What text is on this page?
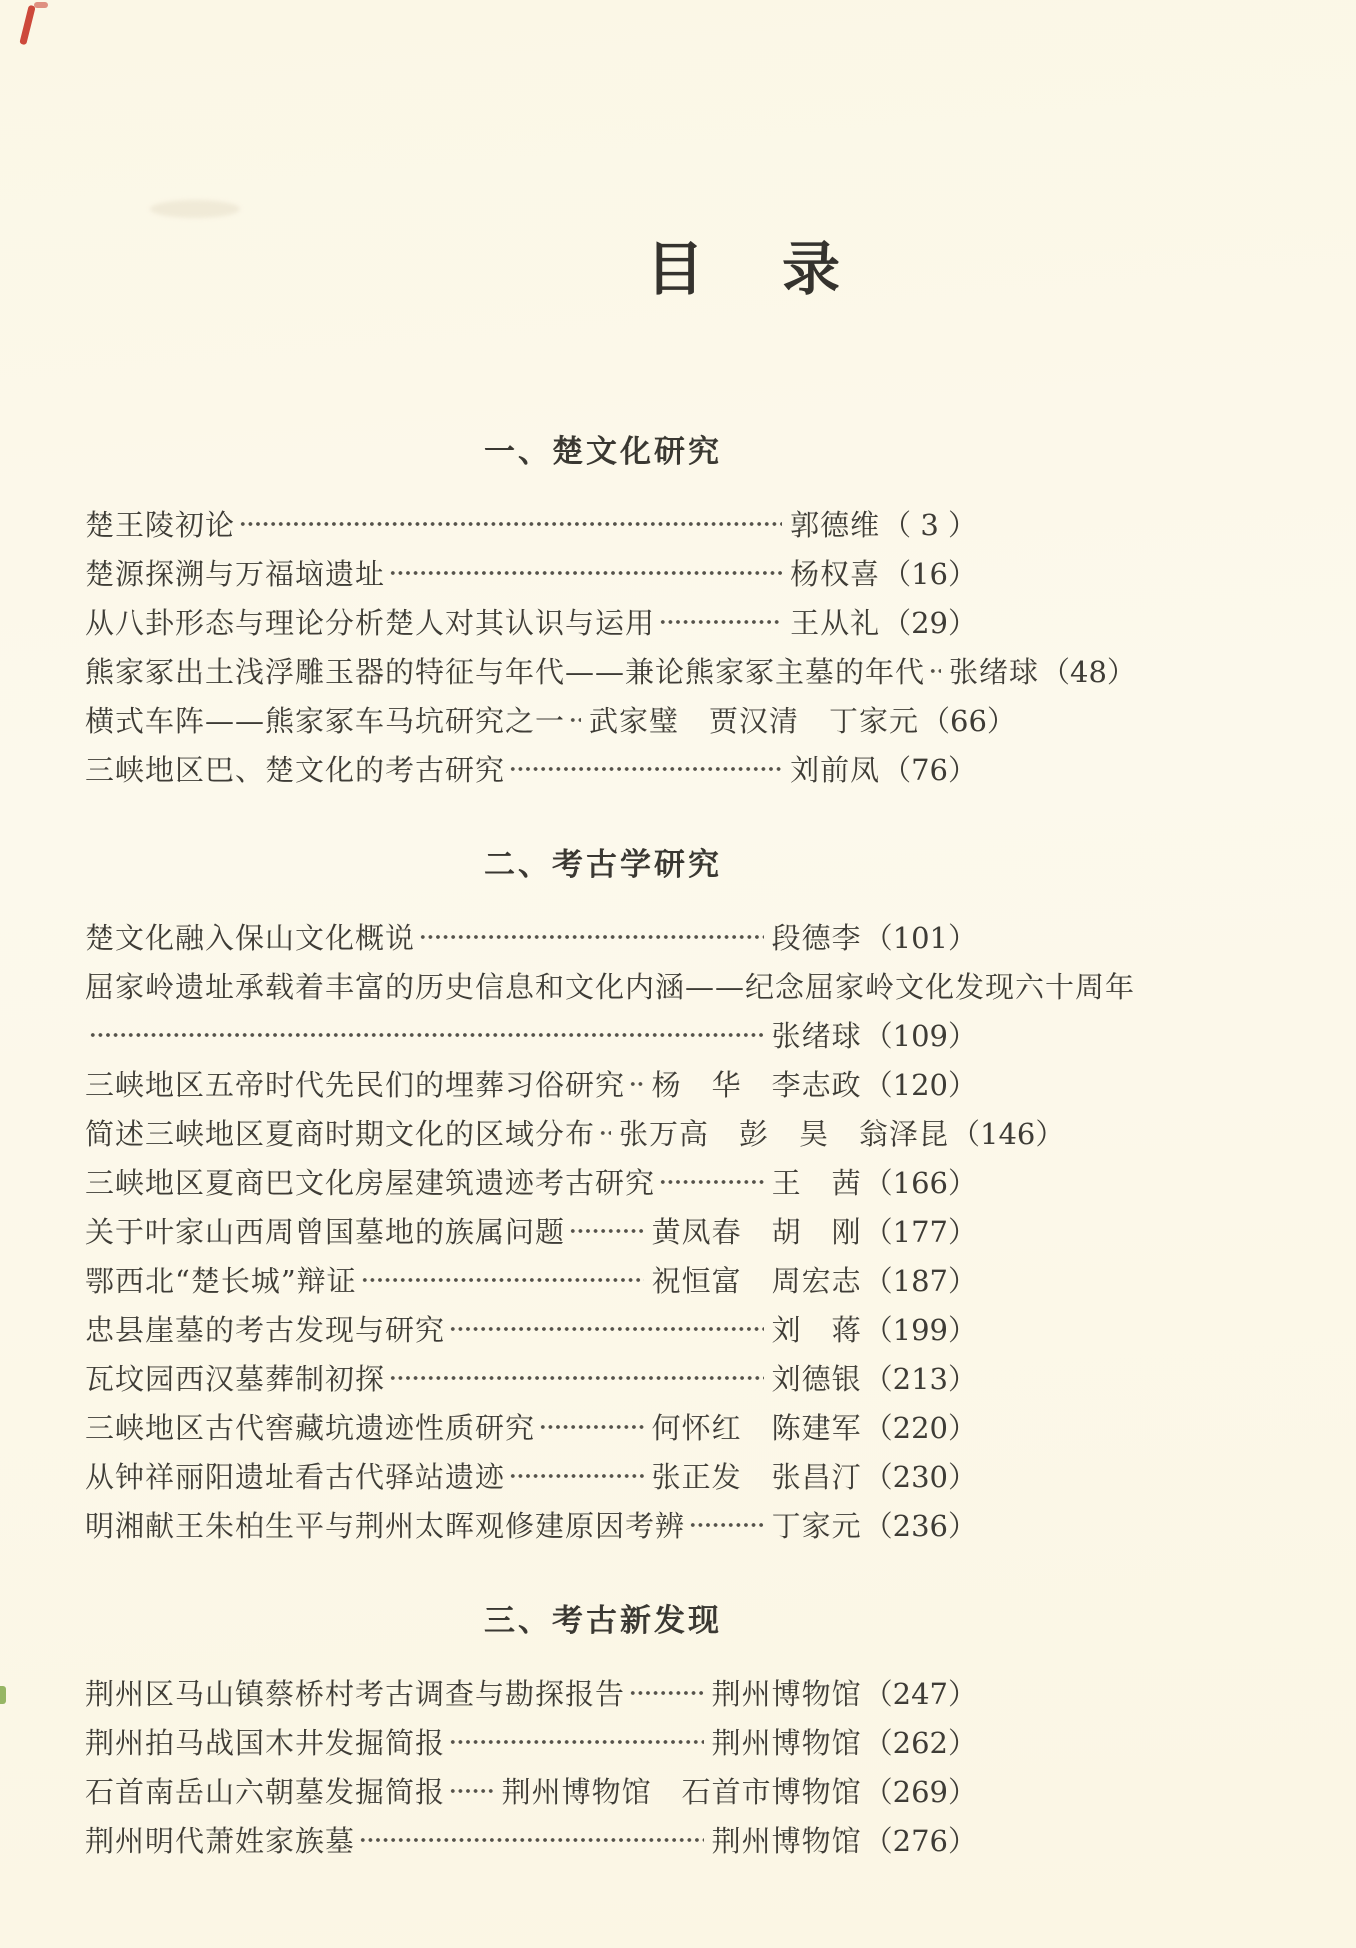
目　录
一、楚文化研究
楚王陵初论	郭德维 （ 3 ）
楚源探溯与万福垴遗址	杨权喜 （16）
从八卦形态与理论分析楚人对其认识与运用	王从礼 （29）
熊家冢出土浅浮雕玉器的特征与年代——兼论熊家冢主墓的年代 张绪球 （48）
横式车阵——熊家冢车马坑研究之一 武家璧　贾汉清　丁家元 （66）
三峡地区巴、楚文化的考古研究	刘前凤 （76）
二、考古学研究
楚文化融入保山文化概说	段德李 （101）
屈家岭遗址承载着丰富的历史信息和文化内涵——纪念屈家岭文化发现六十周年
张绪球 （109）
三峡地区五帝时代先民们的埋葬习俗研究 杨　华　李志政 （120）
简述三峡地区夏商时期文化的区域分布 张万高　彭　昊　翁泽昆 （146）
三峡地区夏商巴文化房屋建筑遗迹考古研究	王　茜 （166）
关于叶家山西周曾国墓地的族属问题	黄凤春　胡　刚 （177）
鄂西北“楚长城”辩证	祝恒富　周宏志 （187）
忠县崖墓的考古发现与研究	刘　蒋 （199）
瓦坟园西汉墓葬制初探	刘德银 （213）
三峡地区古代窖藏坑遗迹性质研究	何怀红　陈建军 （220）
从钟祥丽阳遗址看古代驿站遗迹	张正发　张昌汀 （230）
明湘献王朱柏生平与荆州太晖观修建原因考辨	丁家元 （236）
三、考古新发现
荆州区马山镇蔡桥村考古调查与勘探报告	荆州博物馆 （247）
荆州拍马战国木井发掘简报	荆州博物馆 （262）
石首南岳山六朝墓发掘简报 荆州博物馆　石首市博物馆 （269）
荆州明代萧姓家族墓	荆州博物馆 （276）
